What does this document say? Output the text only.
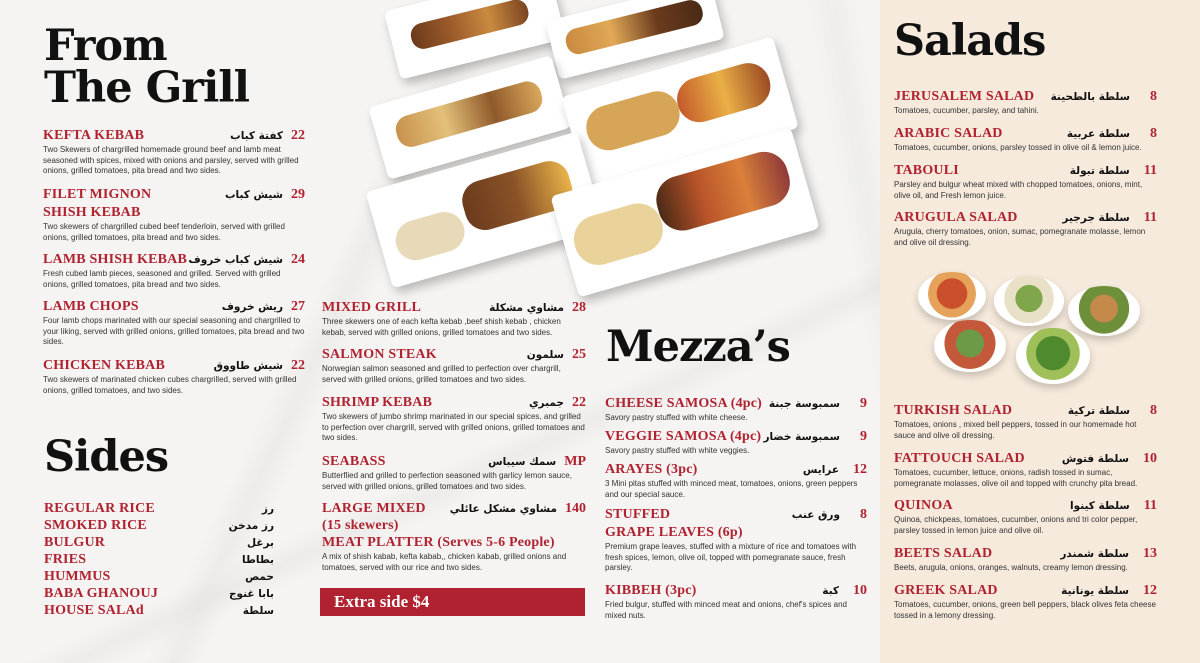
From
The Grill
KEFTA KEBAB	كفتة كباب 22
Two Skewers of chargrilled homemade ground beef and lamb meat seasoned with spices, mixed with onions and parsley, served with grilled onions, grilled tomatoes, pita bread and two sides.
FILET MIGNON	شيش كباب 29
SHISH KEBAB
Two skewers of chargrilled cubed beef tenderloin, served with grilled onions, grilled tomatoes, pita bread and two sides.
LAMB SHISH KEBAB شيش كباب خروف 24
Fresh cubed lamb pieces, seasoned and grilled. Served with grilled onions, grilled tomatoes, pita bread and two sides.
LAMB CHOPS	ريش خروف 27
Four lamb chops marinated with our special seasoning and chargrilled to your liking, served with grilled onions, grilled tomatoes, pita bread and two sides.
CHICKEN KEBAB	شيش طاووق 22
Two skewers of marinated chicken cubes chargrilled, served with grilled onions, grilled tomatoes, and two sides.
Sides
REGULAR RICE	رز
SMOKED RICE	رز مدخن
BULGUR	برغل
FRIES	بطاطا
HUMMUS	حمص
BABA GHANOUJ	بابا غنوج
HOUSE SALAd	سلطة
MIXED GRILL	مشاوي مشكلة 28
Three skewers one of each kefta kebab ,beef shish kebab , chicken kebab, served with grilled onions, grilled tomatoes and two sides.
SALMON STEAK	سلمون 25
Norwegian salmon seasoned and grilled to perfection over chargrill, served with grilled onions, grilled tomatoes and two sides.
SHRIMP KEBAB	جمبري 22
Two skewers of jumbo shrimp marinated in our special spices, and grilled to perfection over chargrill, served with grilled onions, grilled tomatoes and two sides.
SEABASS	سمك سيباس MP
Butterflied and grilled to perfection seasoned with garlicy lemon sauce, served with grilled onions, grilled tomatoes and two sides.
LARGE MIXED مشاوي مشكل عائلي 140
(15 skewers)
MEAT PLATTER (Serves 5-6 People)
A mix of shish kabab, kefta kabab,, chicken kabab, grilled onions and tomatoes, served with our rice and two sides.
Extra side $4
Mezza’s
CHEESE SAMOSA (4pc) سمبوسة جبنة 9
Savory pastry stuffed with white cheese.
VEGGIE SAMOSA (4pc) سمبوسة خضار 9
Savory pastry stuffed with white veggies.
ARAYES (3pc)	عرايس 12
3 Mini pitas stuffed with minced meat, tomatoes, onions, green peppers and our special sauce.
STUFFED	ورق عنب 8
GRAPE LEAVES (6p)
Premium grape leaves, stuffed with a mixture of rice and tomatoes with fresh spices, lemon, olive oil, topped with pomegranate sauce, fresh parsley.
KIBBEH (3pc)	كبة 10
Fried bulgur, stuffed with minced meat and onions, chef's spices and mixed nuts.
Salads
JERUSALEM SALAD سلطة بالطحينة 8
Tomatoes, cucumber, parsley, and tahini.
ARABIC SALAD	سلطة عربية 8
Tomatoes, cucumber, onions, parsley tossed in olive oil & lemon juice.
TABOULI	سلطة تبولة 11
Parsley and bulgur wheat mixed with chopped tomatoes, onions, mint, olive oil, and Fresh lemon juice.
ARUGULA SALAD	سلطة جرجير 11
Arugula, cherry tomatoes, onion, sumac, pomegranate molasse, lemon and olive oil dressing.
TURKISH SALAD	سلطة تركية 8
Tomatoes, onions , mixed bell peppers, tossed in our homemade hot sauce and olive oil dressing.
FATTOUCH SALAD	سلطة فتوش 10
Tomatoes, cucumber, lettuce, onions, radish tossed in sumac, pomegranate molasses, olive oil and topped with crunchy pita bread.
QUINOA	سلطة كينوا 11
Quinoa, chickpeas, tomatoes, cucumber, onions and tri color pepper, parsley tossed in lemon juice and olive oil.
BEETS SALAD	سلطة شمندر 13
Beets, arugula, onions, oranges, walnuts, creamy lemon dressing.
GREEK SALAD	سلطة يونانية 12
Tomatoes, cucumber, onions, green bell peppers, black olives feta cheese tossed in a lemony dressing.
